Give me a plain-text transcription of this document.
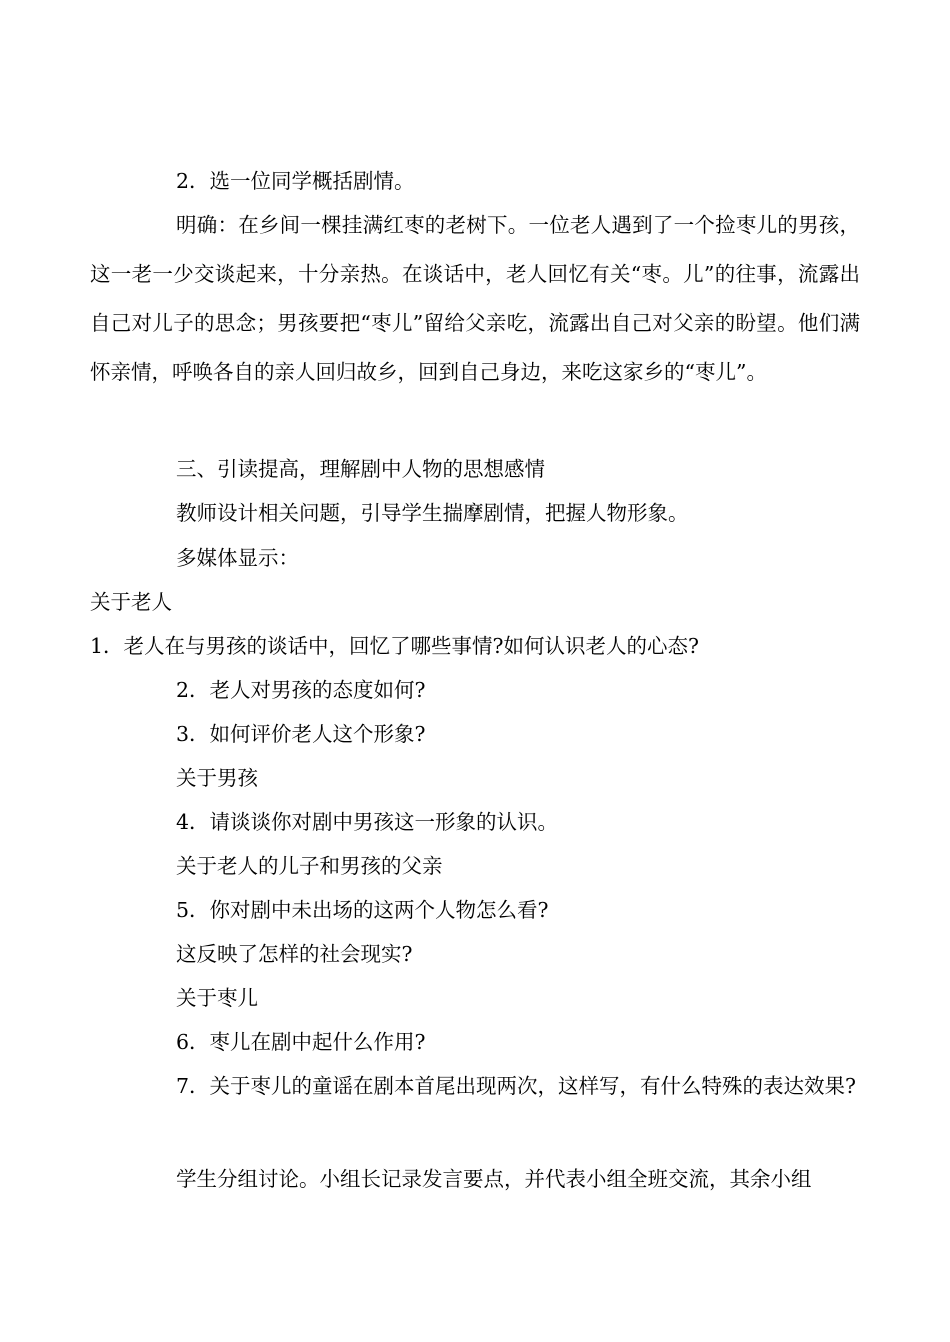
2．选一位同学概括剧情。

明确：在乡间一棵挂满红枣的老树下。一位老人遇到了一个捡枣儿的男孩，这一老一少交谈起来，十分亲热。在谈话中，老人回忆有关“枣。儿”的往事，流露出自己对儿子的思念；男孩要把“枣儿”留给父亲吃，流露出自己对父亲的盼望。他们满怀亲情，呼唤各自的亲人回归故乡，回到自己身边，来吃这家乡的“枣儿”。

三、引读提高，理解剧中人物的思想感情

教师设计相关问题，引导学生揣摩剧情，把握人物形象。

多媒体显示：

关于老人

1．老人在与男孩的谈话中，回忆了哪些事情?如何认识老人的心态?

2．老人对男孩的态度如何?

3．如何评价老人这个形象?

关于男孩

4．请谈谈你对剧中男孩这一形象的认识。

关于老人的儿子和男孩的父亲

5．你对剧中未出场的这两个人物怎么看?

这反映了怎样的社会现实?

关于枣儿

6．枣儿在剧中起什么作用?

7．关于枣儿的童谣在剧本首尾出现两次，这样写，有什么特殊的表达效果?

学生分组讨论。小组长记录发言要点，并代表小组全班交流，其余小组
